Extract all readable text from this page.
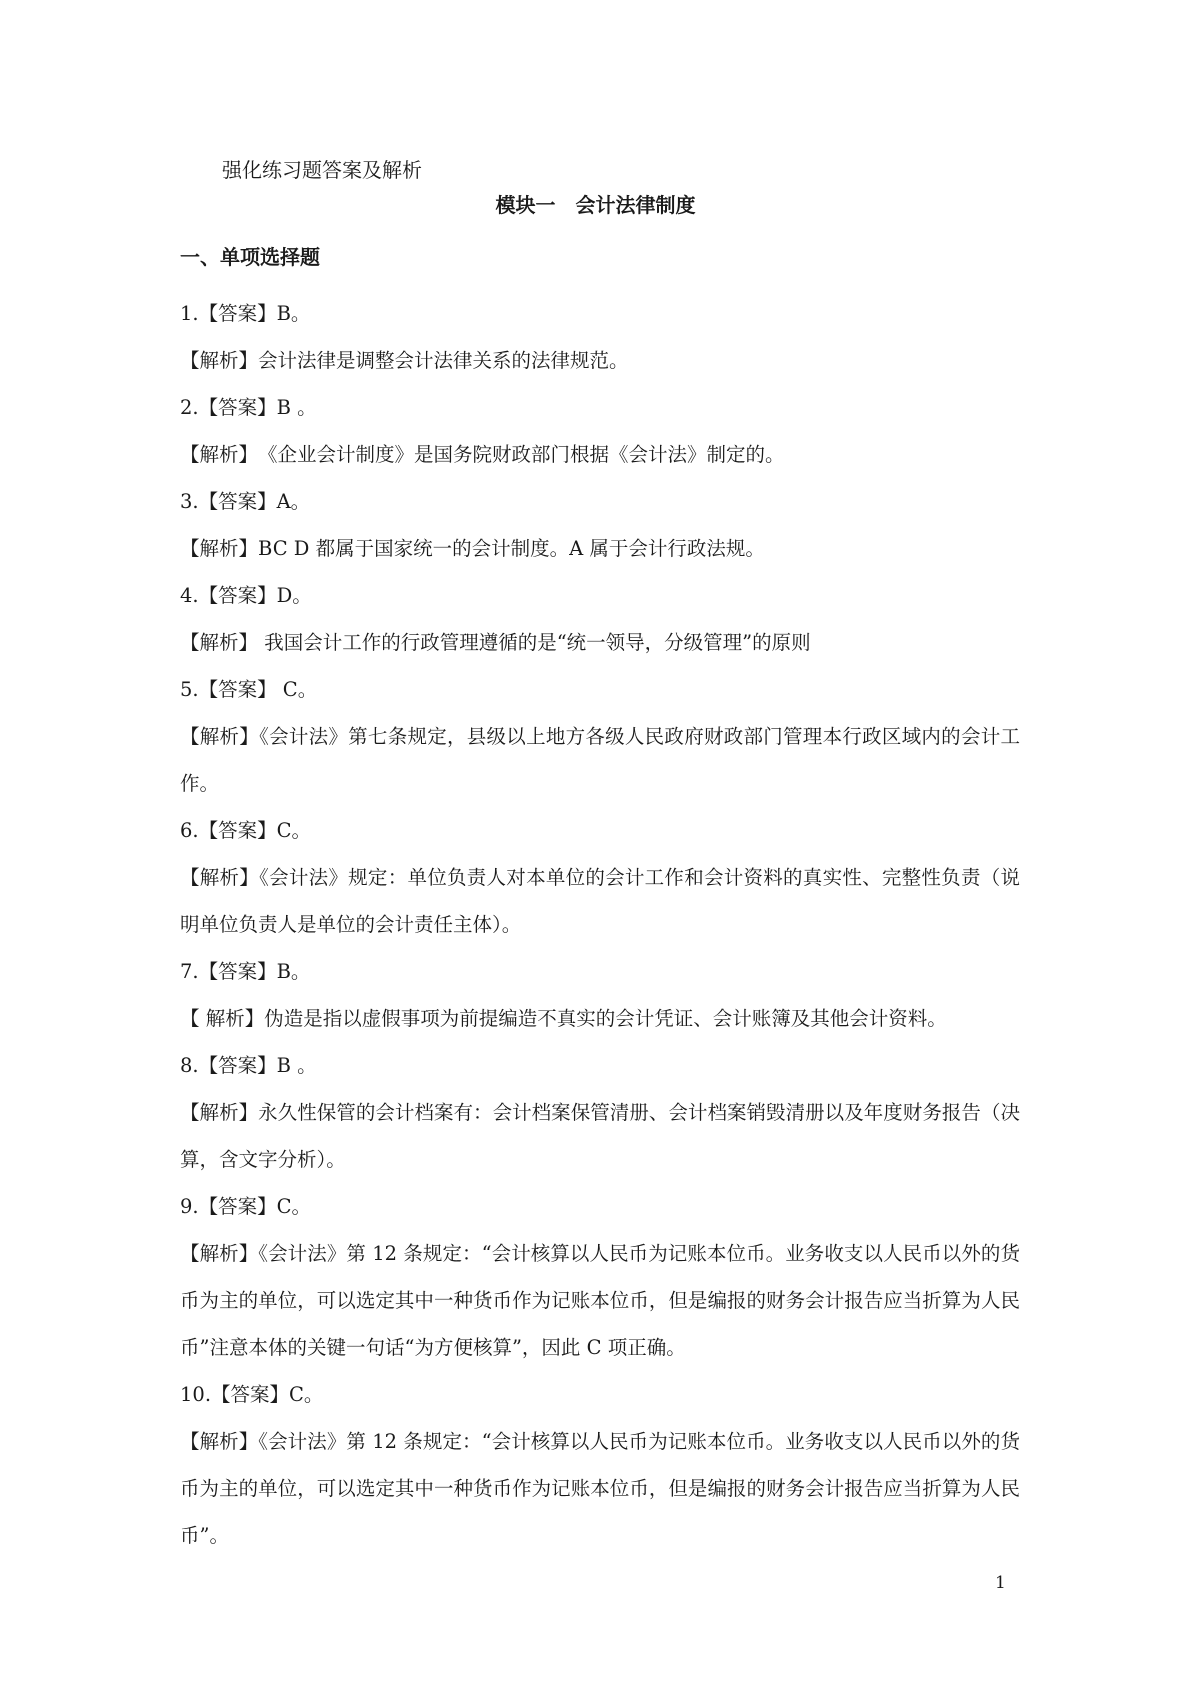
强化练习题答案及解析
模块一　会计法律制度
一、单项选择题

1.【答案】B。

【解析】会计法律是调整会计法律关系的法律规范。

2.【答案】B 。

【解析】　《企业会计制度》是国务院财政部门根据《会计法》制定的。

3.【答案】A。

【解析】BC D 都属于国家统一的会计制度。A 属于会计行政法规。

4.【答案】D。

【解析】 我国会计工作的行政管理遵循的是“统一领导，分级管理”的原则

5.【答案】 C。

【解析】《会计法》第七条规定，县级以上地方各级人民政府财政部门管理本行政区域内的会计工作。

6.【答案】C。

【解析】《会计法》规定：单位负责人对本单位的会计工作和会计资料的真实性、完整性负责（说明单位负责人是单位的会计责任主体）。

7.【答案】B。

【 解析】伪造是指以虚假事项为前提编造不真实的会计凭证、会计账簿及其他会计资料。

8.【答案】B 。

【解析】永久性保管的会计档案有：会计档案保管清册、会计档案销毁清册以及年度财务报告（决算，含文字分析）。

9.【答案】C。

【解析】《会计法》第 12 条规定：“会计核算以人民币为记账本位币。业务收支以人民币以外的货币为主的单位，可以选定其中一种货币作为记账本位币，但是编报的财务会计报告应当折算为人民币”注意本体的关键一句话“为方便核算”，因此 C 项正确。

10.【答案】C。

【解析】《会计法》第 12 条规定：“会计核算以人民币为记账本位币。业务收支以人民币以外的货币为主的单位，可以选定其中一种货币作为记账本位币，但是编报的财务会计报告应当折算为人民币”。

1
